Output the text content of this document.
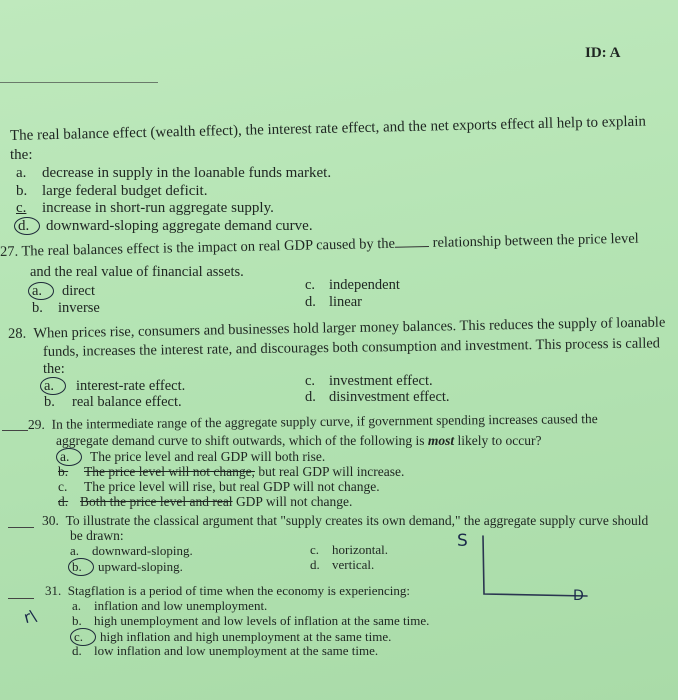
ID: A
The real balance effect (wealth effect), the interest rate effect, and the net exports effect all help to explain
the:
a. decrease in supply in the loanable funds market.
b. large federal budget deficit.
c. increase in short-run aggregate supply.
d. downward-sloping aggregate demand curve.
27. The real balances effect is the impact on real GDP caused by the	relationship between the price level
and the real value of financial assets.
a. direct
b. inverse
c. independent
d. linear
28. When prices rise, consumers and businesses hold larger money balances. This reduces the supply of loanable
funds, increases the interest rate, and discourages both consumption and investment. This process is called
the:
a. interest-rate effect.
b. real balance effect.
c. investment effect.
d. disinvestment effect.
29. In the intermediate range of the aggregate supply curve, if government spending increases caused the
aggregate demand curve to shift outwards, which of the following is most likely to occur?
a. The price level and real GDP will both rise.
b. The price level will not change, but real GDP will increase.
c. The price level will rise, but real GDP will not change.
d. Both the price level and real GDP will not change.
30. To illustrate the classical argument that "supply creates its own demand," the aggregate supply curve should
be drawn:
a. downward-sloping.
b. upward-sloping.
c. horizontal.
d. vertical.
S
D
31. Stagflation is a period of time when the economy is experiencing:
a. inflation and low unemployment.
b. high unemployment and low levels of inflation at the same time.
c. high inflation and high unemployment at the same time.
d. low inflation and low unemployment at the same time.
r\
